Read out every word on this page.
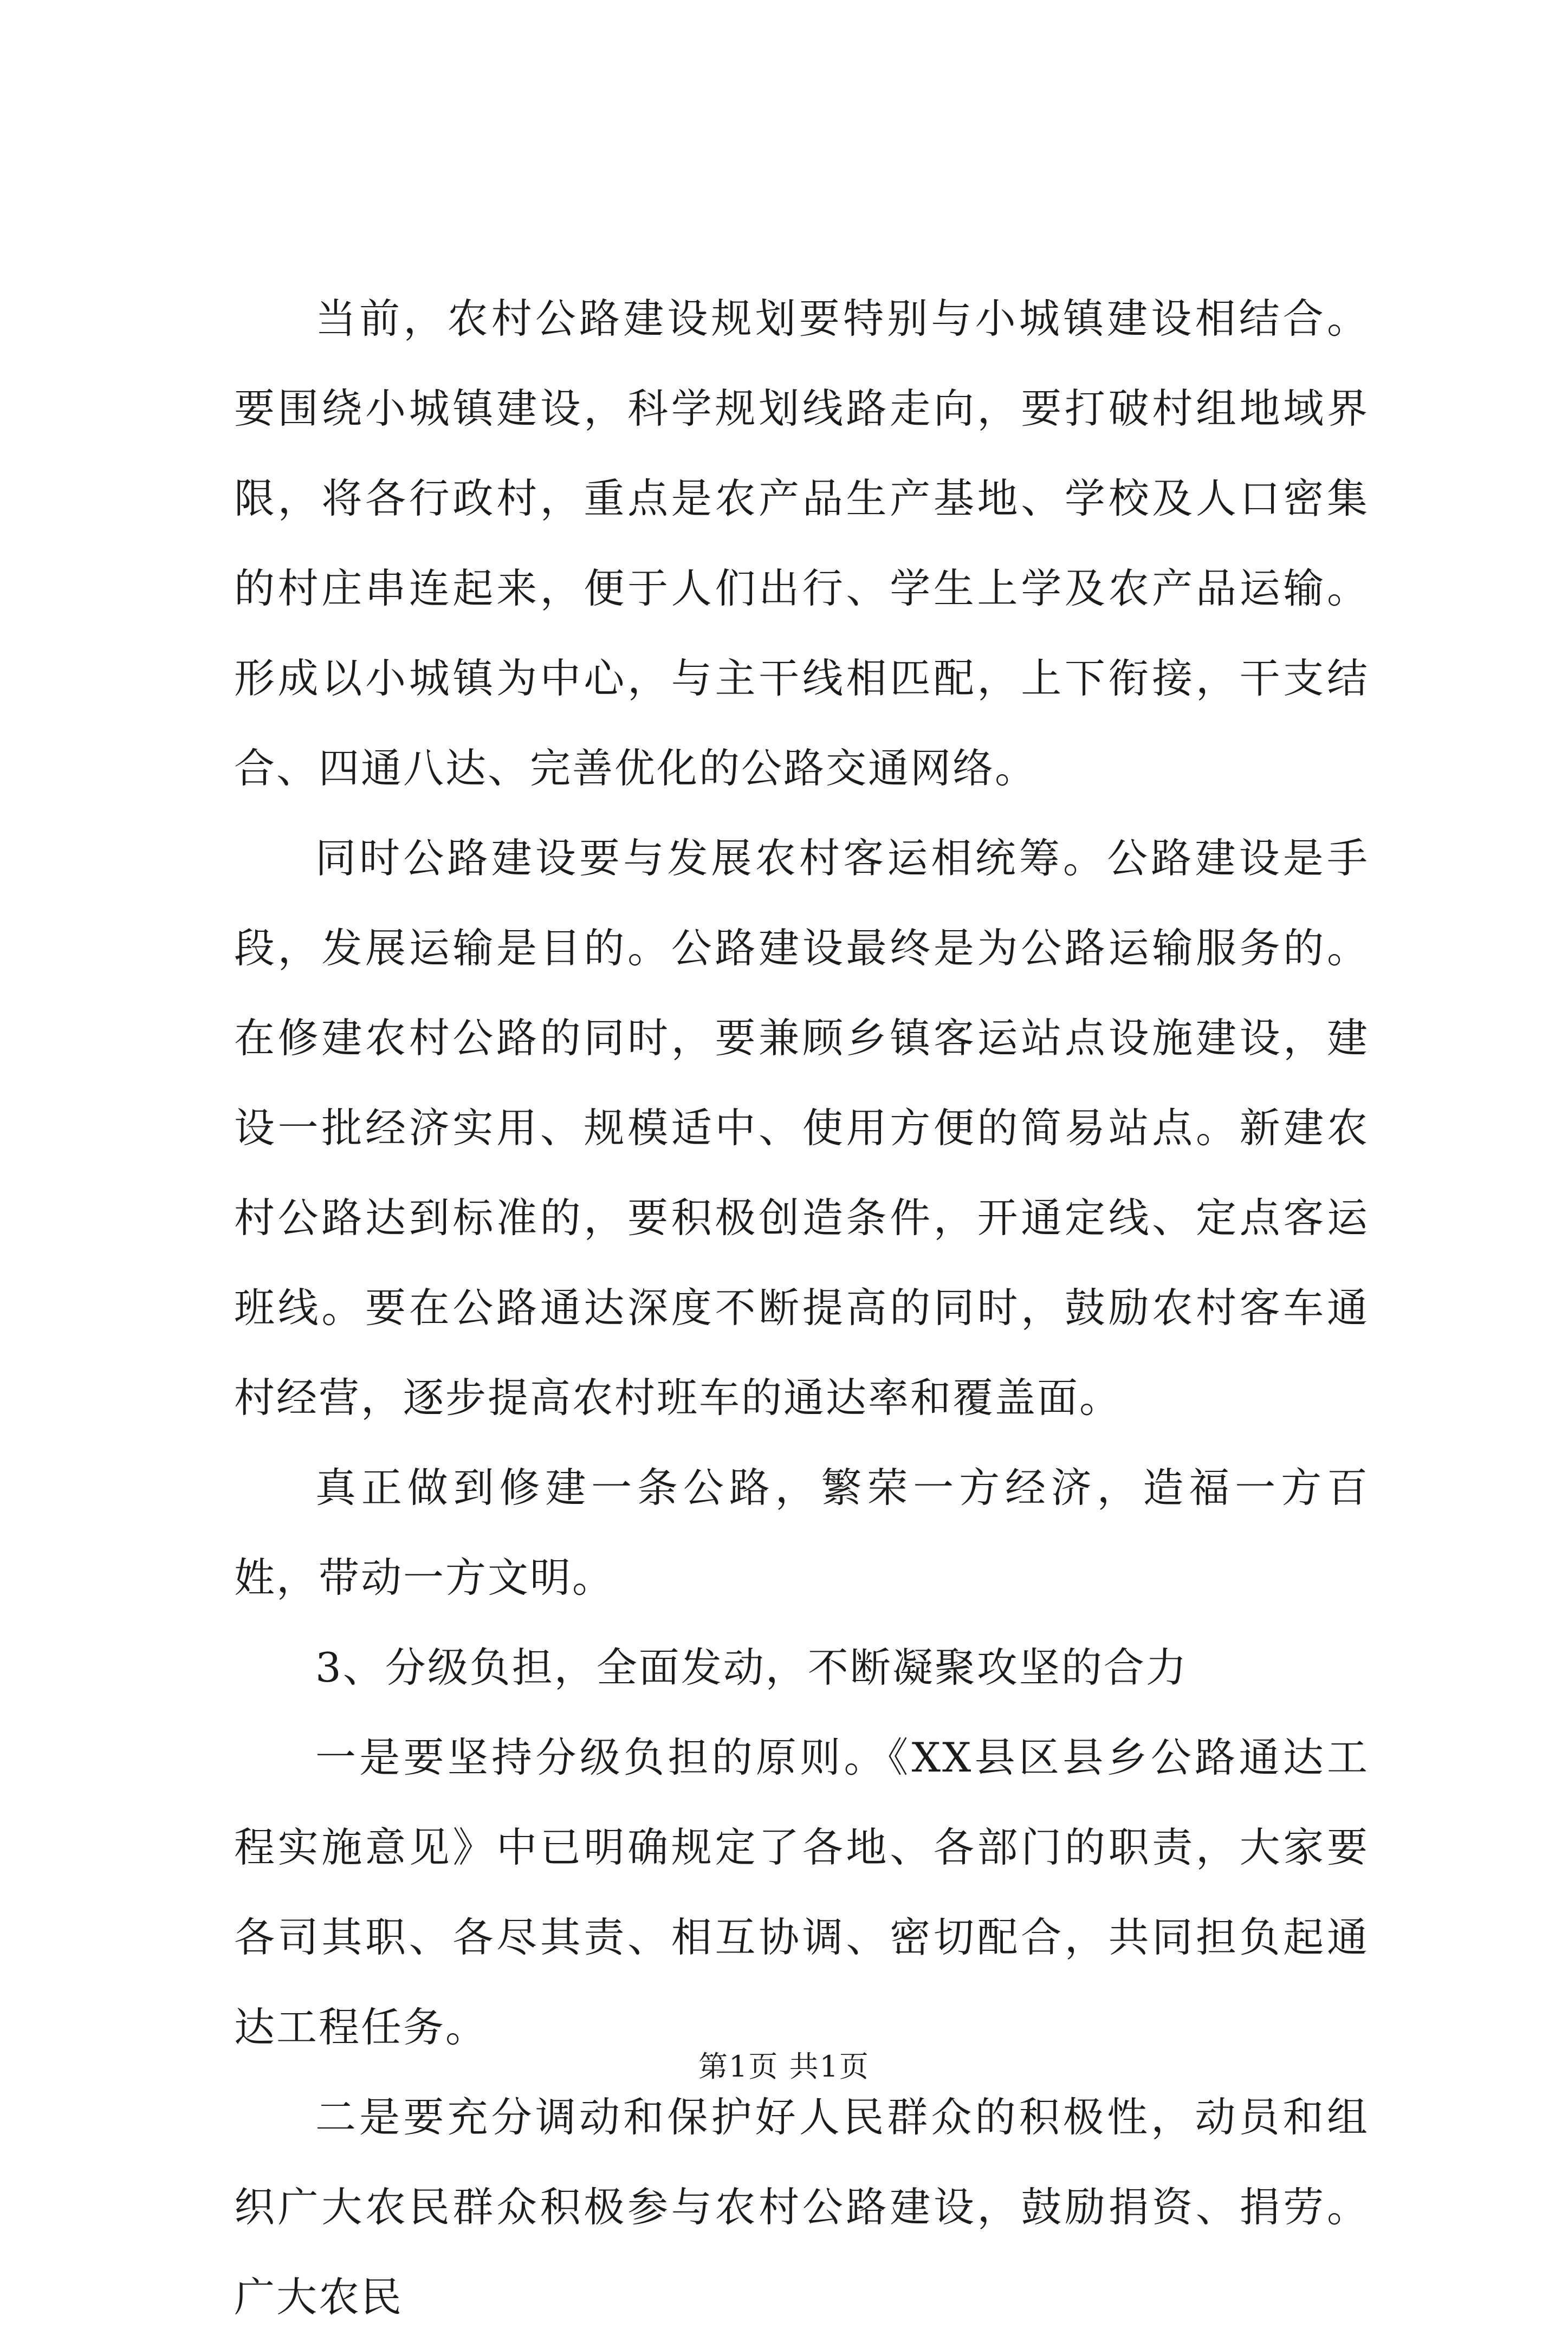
当前，农村公路建设规划要特别与小城镇建设相结合。要围绕小城镇建设，科学规划线路走向，要打破村组地域界限，将各行政村，重点是农产品生产基地、学校及人口密集的村庄串连起来，便于人们出行、学生上学及农产品运输。形成以小城镇为中心，与主干线相匹配，上下衔接，干支结合、四通八达、完善优化的公路交通网络。

同时公路建设要与发展农村客运相统筹。公路建设是手段，发展运输是目的。公路建设最终是为公路运输服务的。在修建农村公路的同时，要兼顾乡镇客运站点设施建设，建设一批经济实用、规模适中、使用方便的简易站点。新建农村公路达到标准的，要积极创造条件，开通定线、定点客运班线。要在公路通达深度不断提高的同时，鼓励农村客车通村经营，逐步提高农村班车的通达率和覆盖面。

真正做到修建一条公路，繁荣一方经济，造福一方百姓，带动一方文明。

3、分级负担，全面发动，不断凝聚攻坚的合力

一是要坚持分级负担的原则。《XX县区县乡公路通达工程实施意见》中已明确规定了各地、各部门的职责，大家要各司其职、各尽其责、相互协调、密切配合，共同担负起通达工程任务。

二是要充分调动和保护好人民群众的积极性，动员和组织广大农民群众积极参与农村公路建设，鼓励捐资、捐劳。广大农民

第1页 共1页
